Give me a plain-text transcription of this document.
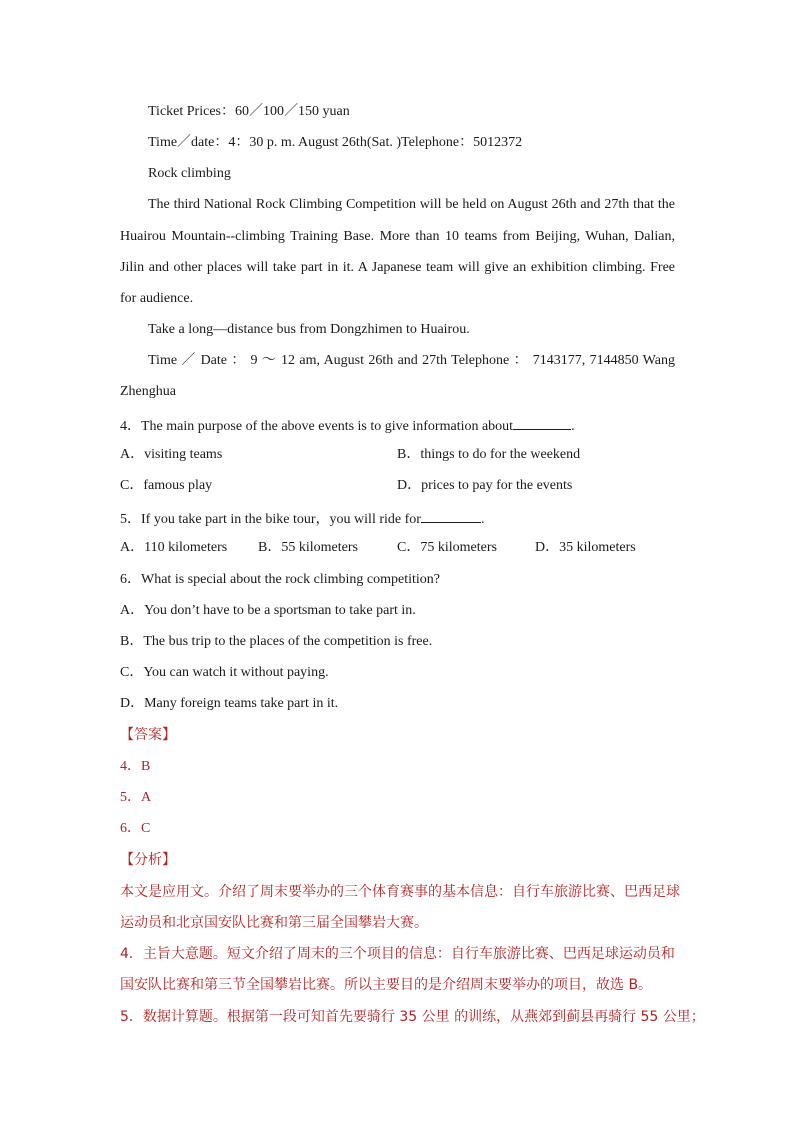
Ticket Prices：60／100／150 yuan
Time／date：4：30 p. m. August 26th(Sat. )Telephone：5012372
Rock climbing
The third National Rock Climbing Competition will be held on August 26th and 27th that the
Huairou Mountain--climbing Training Base. More than 10 teams from Beijing, Wuhan, Dalian,
Jilin and other places will take part in it. A Japanese team will give an exhibition climbing. Free
for audience.
Take a long—distance bus from Dongzhimen to Huairou.
Time ／ Date ： 9 ～ 12 am, August 26th and 27th Telephone ： 7143177, 7144850 Wang
Zhenghua
4．The main purpose of the above events is to give information about	.
A．visiting teams	B．things to do for the weekend
C．famous play	D．prices to pay for the events
5．If you take part in the bike tour，you will ride for	.
A．110 kilometers B．55 kilometers	C．75 kilometers	D．35 kilometers
6．What is special about the rock climbing competition?
A．You don’t have to be a sportsman to take part in.
B．The bus trip to the places of the competition is free.
C．You can watch it without paying.
D．Many foreign teams take part in it.
【答案】
4．B
5．A
6．C
【分析】
本文是应用文。介绍了周末要举办的三个体育赛事的基本信息：自行车旅游比赛、巴西足球
运动员和北京国安队比赛和第三届全国攀岩大赛。
4．主旨大意题。短文介绍了周末的三个项目的信息：自行车旅游比赛、巴西足球运动员和
国安队比赛和第三节全国攀岩比赛。所以主要目的是介绍周末要举办的项目，故选 B。
5．数据计算题。根据第一段可知首先要骑行 35 公里 的训练，从燕郊到蓟县再骑行 55 公里；
